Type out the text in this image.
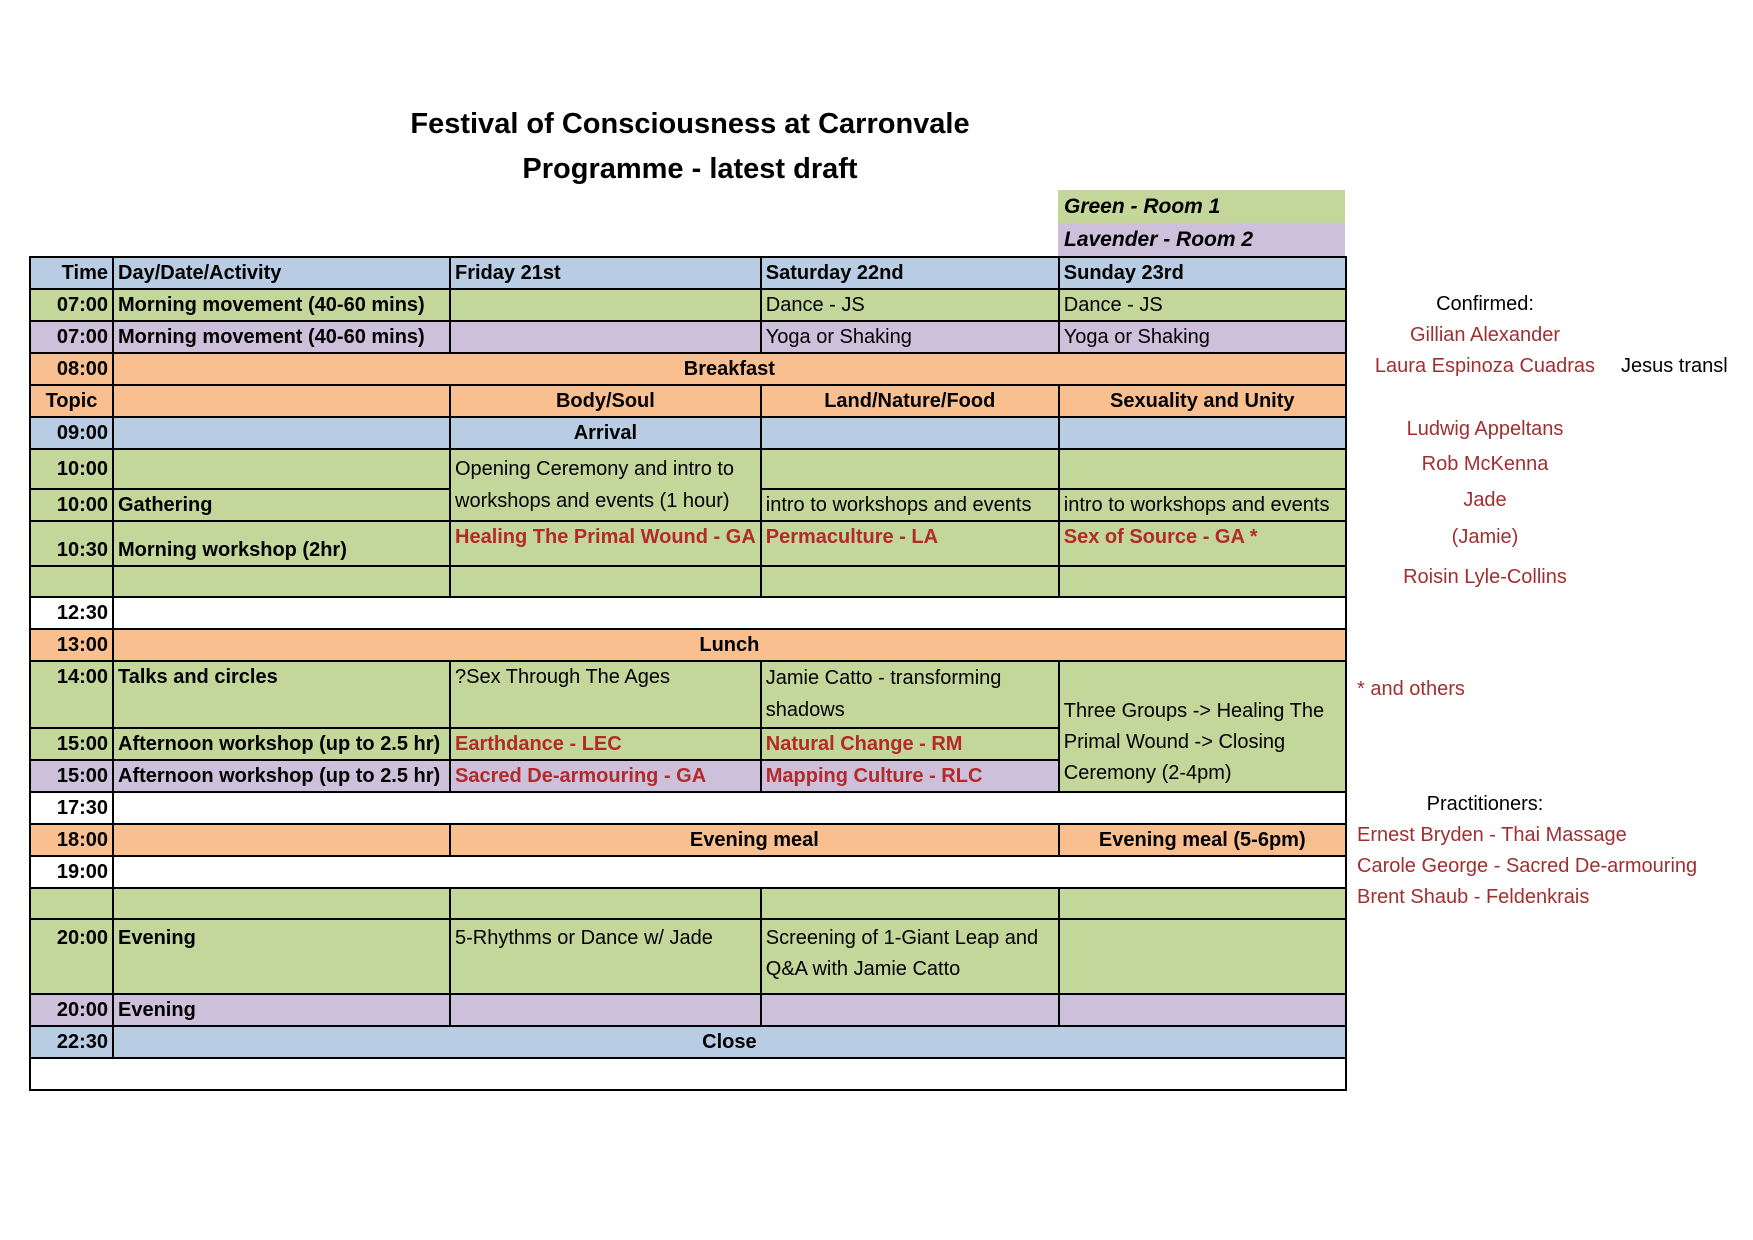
Festival of Consciousness at Carronvale
Programme - latest draft
Green - Room 1
Lavender - Room 2
Time	Day/Date/Activity	Friday 21st	Saturday 22nd	Sunday 23rd
07:00	Morning movement (40-60 mins)		Dance - JS	Dance - JS
07:00	Morning movement (40-60 mins)		Yoga or Shaking	Yoga or Shaking
08:00	Breakfast			
Topic		Body/Soul	Land/Nature/Food	Sexuality and Unity
09:00		Arrival		
10:00		Opening Ceremony and intro to workshops and events (1 hour)		
10:00	Gathering		intro to workshops and events	intro to workshops and events
10:30	Morning workshop (2hr)	Healing The Primal Wound - GA	Permaculture - LA	Sex of Source - GA *

12:30				
13:00	Lunch			
14:00	Talks and circles	?Sex Through The Ages	Jamie Catto - transforming shadows	Three Groups -> Healing The Primal Wound -> Closing Ceremony (2-4pm)
15:00	Afternoon workshop (up to 2.5 hr)	Earthdance - LEC	Natural Change - RM	
15:00	Afternoon workshop (up to 2.5 hr)	Sacred De-armouring - GA	Mapping Culture - RLC	
17:30				
18:00		Evening meal		Evening meal (5-6pm)
19:00				

20:00	Evening	5-Rhythms or Dance w/ Jade	Screening of 1-Giant Leap and Q&A with Jamie Catto	
20:00	Evening			
22:30	Close			

Confirmed:
Gillian Alexander
Laura Espinoza Cuadras	Jesus transl
Ludwig Appeltans
Rob McKenna
Jade
(Jamie)
Roisin Lyle-Collins
* and others
Practitioners:
Ernest Bryden - Thai Massage
Carole George - Sacred De-armouring
Brent Shaub - Feldenkrais
